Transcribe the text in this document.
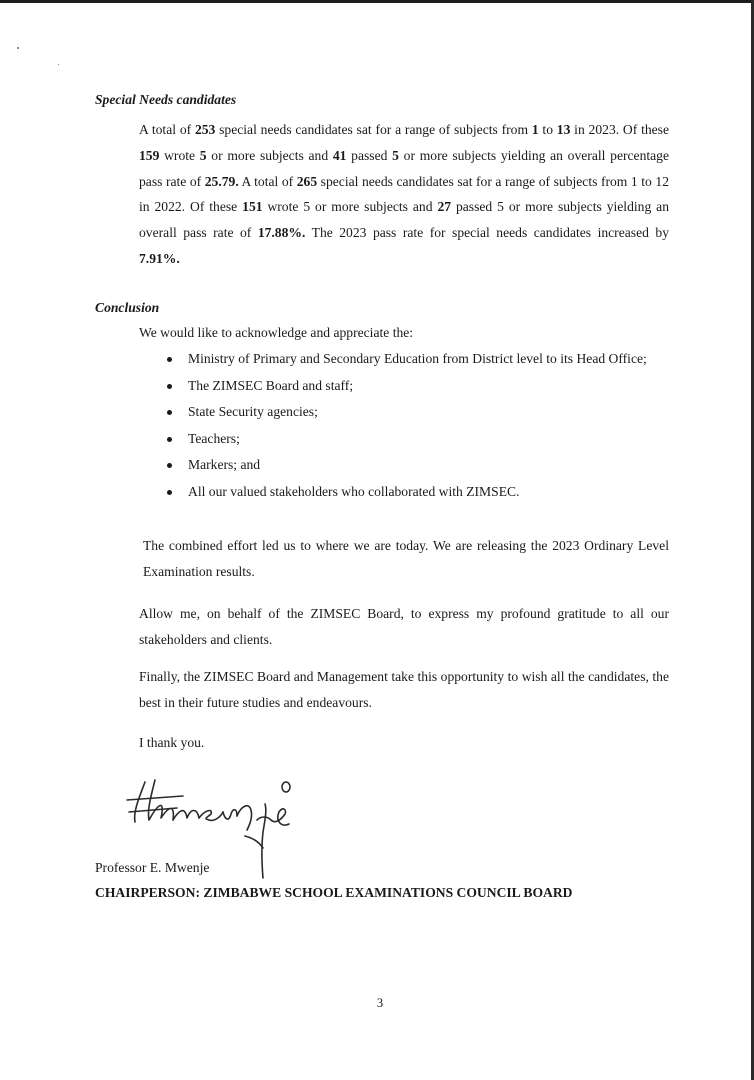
Special Needs candidates

A total of 253 special needs candidates sat for a range of subjects from 1 to 13 in 2023. Of these 159 wrote 5 or more subjects and 41 passed 5 or more subjects yielding an overall percentage pass rate of 25.79. A total of 265 special needs candidates sat for a range of subjects from 1 to 12 in 2022. Of these 151 wrote 5 or more subjects and 27 passed 5 or more subjects yielding an overall pass rate of 17.88%. The 2023 pass rate for special needs candidates increased by 7.91%.

Conclusion

We would like to acknowledge and appreciate the:

Ministry of Primary and Secondary Education from District level to its Head Office;
The ZIMSEC Board and staff;
State Security agencies;
Teachers;
Markers; and
All our valued stakeholders who collaborated with ZIMSEC.

The combined effort led us to where we are today. We are releasing the 2023 Ordinary Level Examination results.

Allow me, on behalf of the ZIMSEC Board, to express my profound gratitude to all our stakeholders and clients.

Finally, the ZIMSEC Board and Management take this opportunity to wish all the candidates, the best in their future studies and endeavours.

I thank you.

Professor E. Mwenje
CHAIRPERSON: ZIMBABWE SCHOOL EXAMINATIONS COUNCIL BOARD
3
